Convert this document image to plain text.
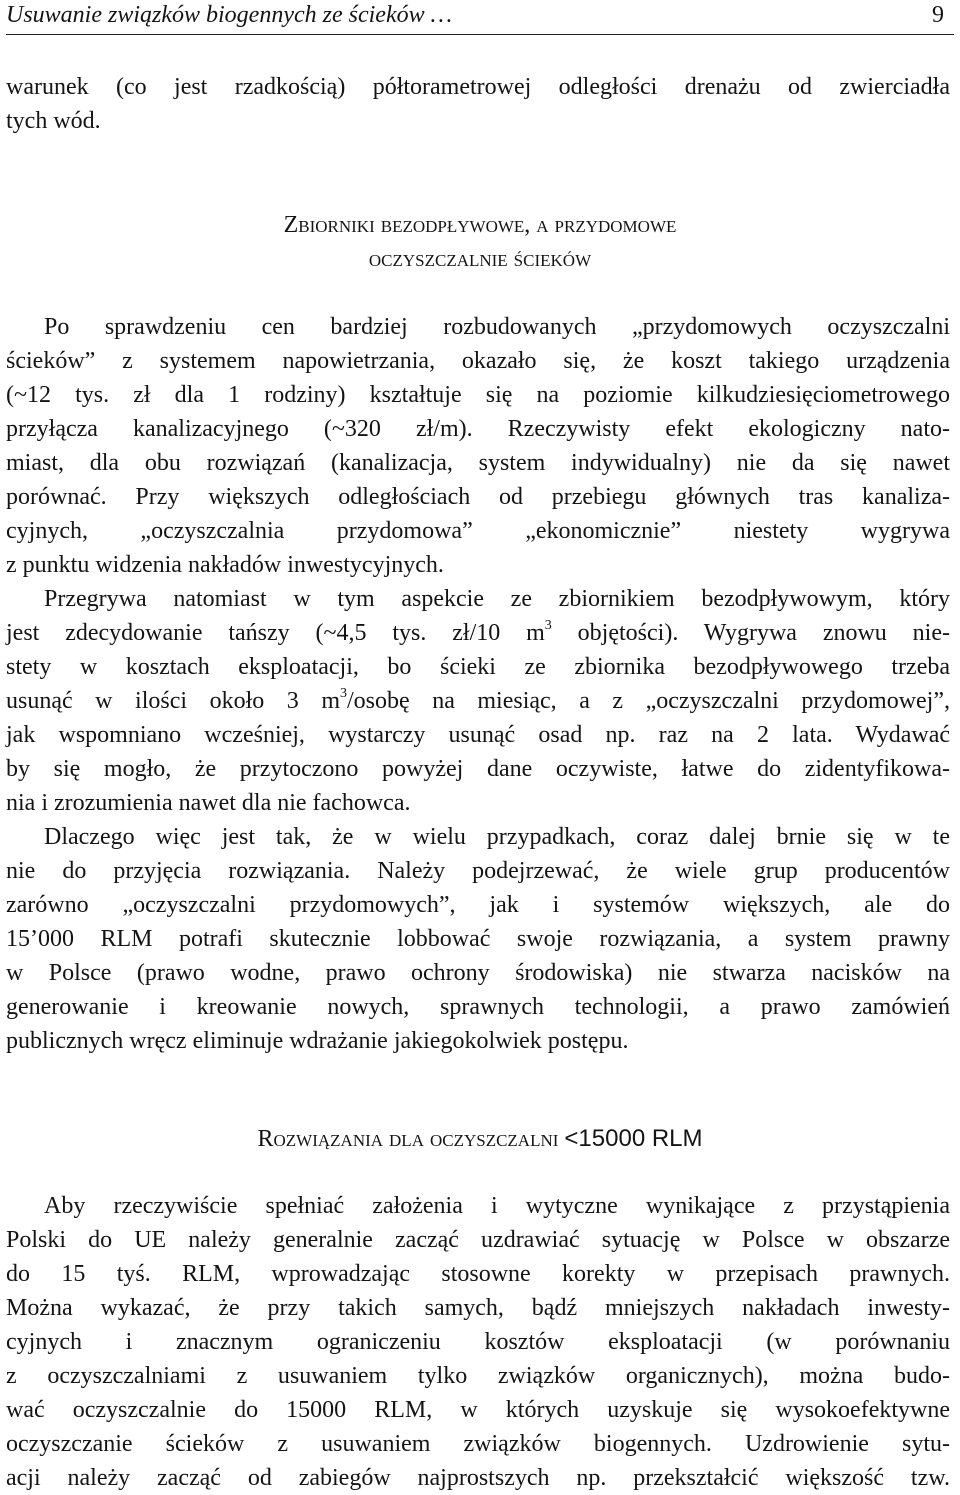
Usuwanie związków biogennych ze ścieków …	9

warunek (co jest rzadkością) półtorametrowej odległości drenażu od zwierciadła

tych wód.

Zbiorniki bezodpływowe, a przydomowe
oczyszczalnie ścieków

Po sprawdzeniu cen bardziej rozbudowanych „przydomowych oczyszczalni

ścieków” z systemem napowietrzania, okazało się, że koszt takiego urządzenia

(~12 tys. zł dla 1 rodziny) kształtuje się na poziomie kilkudziesięciometrowego

przyłącza kanalizacyjnego (~320 zł/m). Rzeczywisty efekt ekologiczny nato-

miast, dla obu rozwiązań (kanalizacja, system indywidualny) nie da się nawet

porównać. Przy większych odległościach od przebiegu głównych tras kanaliza-

cyjnych, „oczyszczalnia przydomowa” „ekonomicznie” niestety wygrywa

z punktu widzenia nakładów inwestycyjnych.

Przegrywa natomiast w tym aspekcie ze zbiornikiem bezodpływowym, który

jest zdecydowanie tańszy (~4,5 tys. zł/10 $m^3$ objętości). Wygrywa znowu nie-

stety w kosztach eksploatacji, bo ścieki ze zbiornika bezodpływowego trzeba

usunąć w ilości około 3 $m^3$/osobę na miesiąc, a z „oczyszczalni przydomowej”,

jak wspomniano wcześniej, wystarczy usunąć osad np. raz na 2 lata. Wydawać

by się mogło, że przytoczono powyżej dane oczywiste, łatwe do zidentyfikowa-

nia i zrozumienia nawet dla nie fachowca.

Dlaczego więc jest tak, że w wielu przypadkach, coraz dalej brnie się w te

nie do przyjęcia rozwiązania. Należy podejrzewać, że wiele grup producentów

zarówno „oczyszczalni przydomowych”, jak i systemów większych, ale do

15’000 RLM potrafi skutecznie lobbować swoje rozwiązania, a system prawny

w Polsce (prawo wodne, prawo ochrony środowiska) nie stwarza nacisków na

generowanie i kreowanie nowych, sprawnych technologii, a prawo zamówień

publicznych wręcz eliminuje wdrażanie jakiegokolwiek postępu.

Rozwiązania dla oczyszczalni <15000 RLM

Aby rzeczywiście spełniać założenia i wytyczne wynikające z przystąpienia

Polski do UE należy generalnie zacząć uzdrawiać sytuację w Polsce w obszarze

do 15 tyś. RLM, wprowadzając stosowne korekty w przepisach prawnych.

Można wykazać, że przy takich samych, bądź mniejszych nakładach inwesty-

cyjnych i znacznym ograniczeniu kosztów eksploatacji (w porównaniu

z oczyszczalniami z usuwaniem tylko związków organicznych), można budo-

wać oczyszczalnie do 15000 RLM, w których uzyskuje się wysokoefektywne

oczyszczanie ścieków z usuwaniem związków biogennych. Uzdrowienie sytu-

acji należy zacząć od zabiegów najprostszych np. przekształcić większość tzw.
